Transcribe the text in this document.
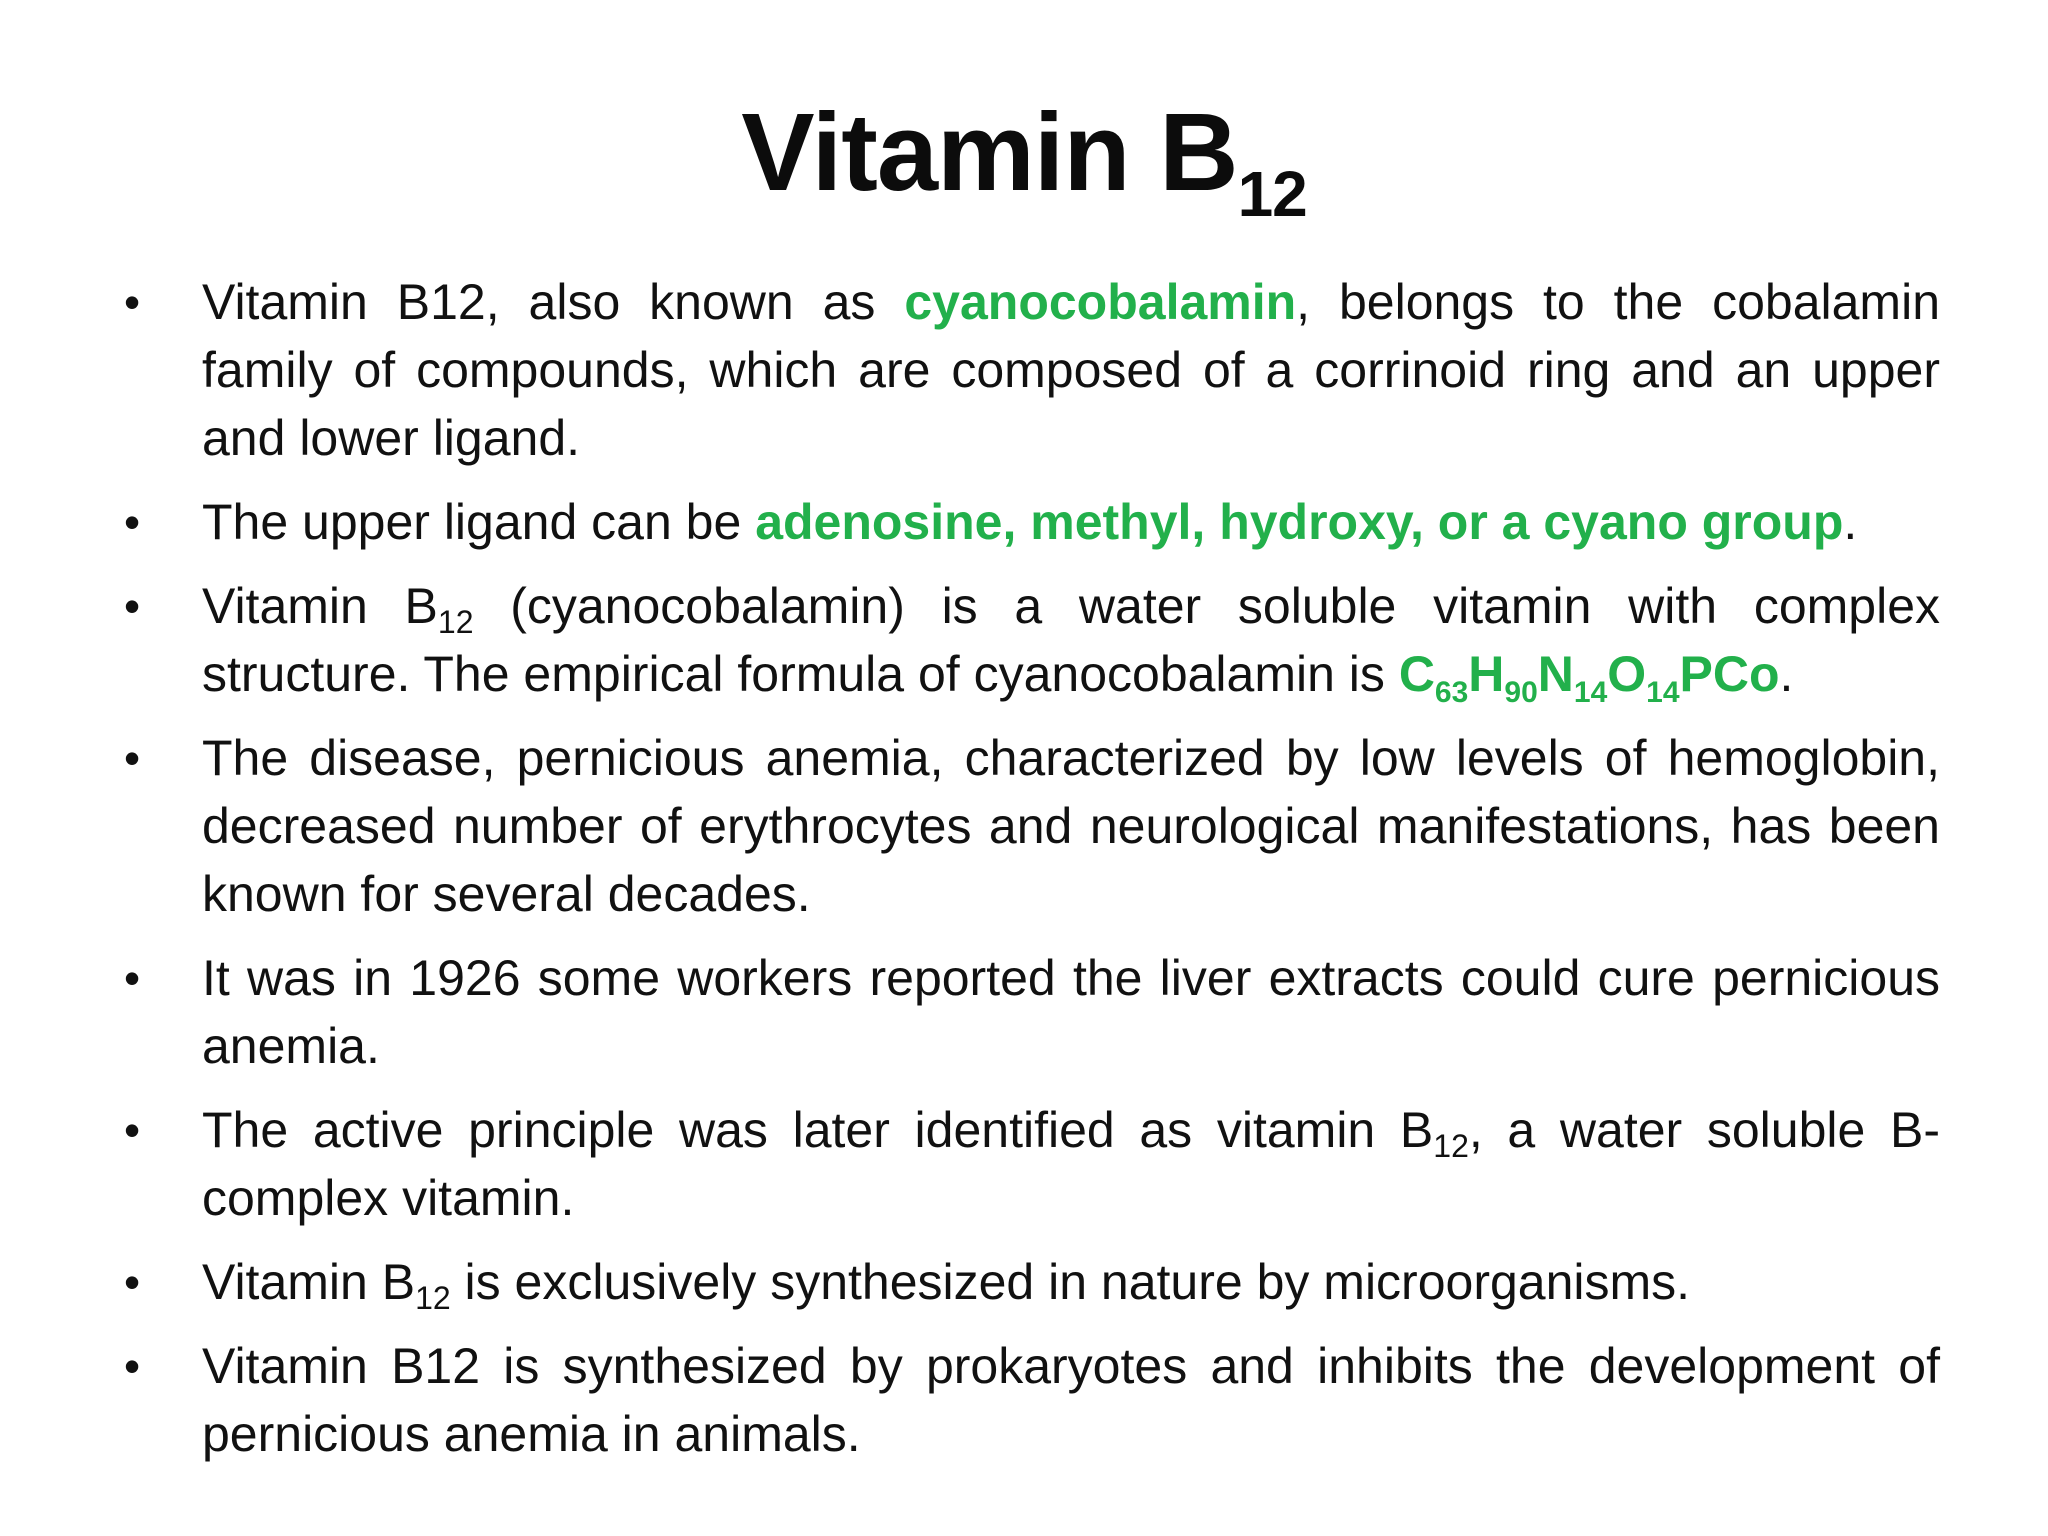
Vitamin $B_{12}$
•	Vitamin B12, also known as cyanocobalamin, belongs to the cobalamin family of compounds, which are composed of a corrinoid ring and an upper and lower ligand.
•	The upper ligand can be adenosine, methyl, hydroxy, or a cyano group.
•	Vitamin $B_{12}$ (cyanocobalamin) is a water soluble vitamin with complex structure. The empirical formula of cyanocobalamin is $C_{63}H_{90}N_{14}O_{14}PCo$.
•	The disease, pernicious anemia, characterized by low levels of hemoglobin, decreased number of erythrocytes and neurological manifestations, has been known for several decades.
•	It was in 1926 some workers reported the liver extracts could cure pernicious anemia.
•	The active principle was later identified as vitamin $B_{12}$, a water soluble B-complex vitamin.
•	Vitamin $B_{12}$ is exclusively synthesized in nature by microorganisms.
•	Vitamin B12 is synthesized by prokaryotes and inhibits the development of pernicious anemia in animals.
